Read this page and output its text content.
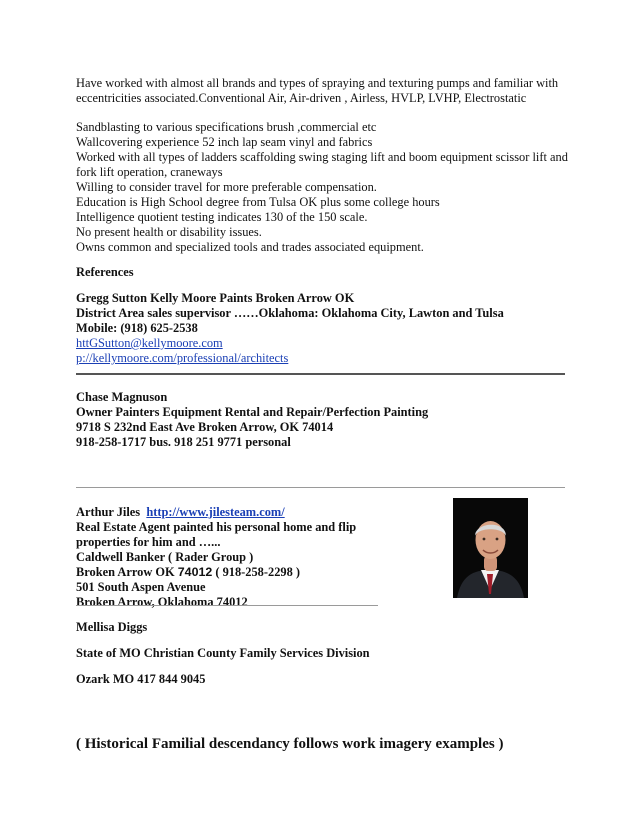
Have worked with almost all brands and types of spraying and texturing pumps and familiar with

eccentricities associated.Conventional Air, Air-driven , Airless, HVLP, LVHP, Electrostatic

Sandblasting to various specifications brush ,commercial etc

Wallcovering experience 52 inch lap seam vinyl and fabrics

Worked with all types of ladders scaffolding swing staging lift and boom equipment scissor lift and

fork lift operation, craneways

Willing to consider travel for more preferable compensation.

Education is High School degree from Tulsa OK plus some college hours

Intelligence quotient testing indicates 130 of the 150 scale.

No present health or disability issues.

Owns common and specialized tools and trades associated equipment.

References

Gregg Sutton Kelly Moore Paints Broken Arrow OK

District Area sales supervisor ……Oklahoma: Oklahoma City, Lawton and Tulsa

Mobile: (918) 625-2538

httGSutton@kellymoore.com

p://kellymoore.com/professional/architects

Chase Magnuson

Owner Painters Equipment Rental and Repair/Perfection Painting

9718 S 232nd East Ave Broken Arrow, OK 74014

918-258-1717 bus. 918 251 9771 personal

Arthur Jiles http://www.jilesteam.com/

Real Estate Agent painted his personal home and flip

properties for him and …...

Caldwell Banker ( Rader Group )

Broken Arrow OK 74012 ( 918-258-2298 )

501 South Aspen Avenue

Broken Arrow, Oklahoma 74012

Mellisa Diggs

State of MO Christian County Family Services Division

Ozark MO 417 844 9045

( Historical Familial descendancy follows work imagery examples )
